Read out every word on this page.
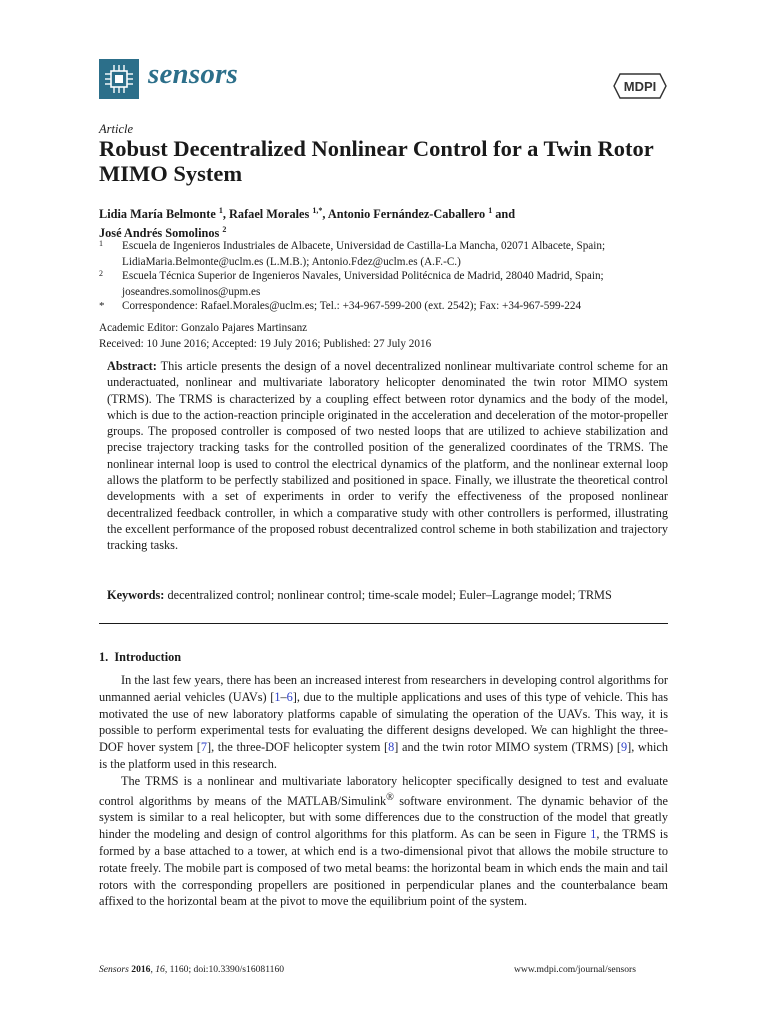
sensors	MDPI
Article
Robust Decentralized Nonlinear Control for a Twin Rotor MIMO System
Lidia María Belmonte $^1$, Rafael Morales $^{1,*}$, Antonio Fernández-Caballero $^1$ and
José Andrés Somolinos $^2$
1 Escuela de Ingenieros Industriales de Albacete, Universidad de Castilla-La Mancha, 02071 Albacete, Spain; LidiaMaria.Belmonte@uclm.es (L.M.B.); Antonio.Fdez@uclm.es (A.F.-C.)
2 Escuela Técnica Superior de Ingenieros Navales, Universidad Politécnica de Madrid, 28040 Madrid, Spain; joseandres.somolinos@upm.es
* Correspondence: Rafael.Morales@uclm.es; Tel.: +34-967-599-200 (ext. 2542); Fax: +34-967-599-224
Academic Editor: Gonzalo Pajares Martinsanz
Received: 10 June 2016; Accepted: 19 July 2016; Published: 27 July 2016
Abstract: This article presents the design of a novel decentralized nonlinear multivariate control scheme for an underactuated, nonlinear and multivariate laboratory helicopter denominated the twin rotor MIMO system (TRMS). The TRMS is characterized by a coupling effect between rotor dynamics and the body of the model, which is due to the action-reaction principle originated in the acceleration and deceleration of the motor-propeller groups. The proposed controller is composed of two nested loops that are utilized to achieve stabilization and precise trajectory tracking tasks for the controlled position of the generalized coordinates of the TRMS. The nonlinear internal loop is used to control the electrical dynamics of the platform, and the nonlinear external loop allows the platform to be perfectly stabilized and positioned in space. Finally, we illustrate the theoretical control developments with a set of experiments in order to verify the effectiveness of the proposed nonlinear decentralized feedback controller, in which a comparative study with other controllers is performed, illustrating the excellent performance of the proposed robust decentralized control scheme in both stabilization and trajectory tracking tasks.
Keywords: decentralized control; nonlinear control; time-scale model; Euler–Lagrange model; TRMS
1. Introduction

In the last few years, there has been an increased interest from researchers in developing control algorithms for unmanned aerial vehicles (UAVs) [1–6], due to the multiple applications and uses of this type of vehicle. This has motivated the use of new laboratory platforms capable of simulating the operation of the UAVs. This way, it is possible to perform experimental tests for evaluating the different designs developed. We can highlight the three-DOF hover system [7], the three-DOF helicopter system [8] and the twin rotor MIMO system (TRMS) [9], which is the platform used in this research.

The TRMS is a nonlinear and multivariate laboratory helicopter specifically designed to test and evaluate control algorithms by means of the MATLAB/Simulink® software environment. The dynamic behavior of the system is similar to a real helicopter, but with some differences due to the construction of the model that greatly hinder the modeling and design of control algorithms for this platform. As can be seen in Figure 1, the TRMS is formed by a base attached to a tower, at which end is a two-dimensional pivot that allows the mobile structure to rotate freely. The mobile part is composed of two metal beams: the horizontal beam in which ends the main and tail rotors with the corresponding propellers are positioned in perpendicular planes and the counterbalance beam affixed to the horizontal beam at the pivot to move the equilibrium point of the system.

Sensors 2016, 16, 1160; doi:10.3390/s16081160	www.mdpi.com/journal/sensors
